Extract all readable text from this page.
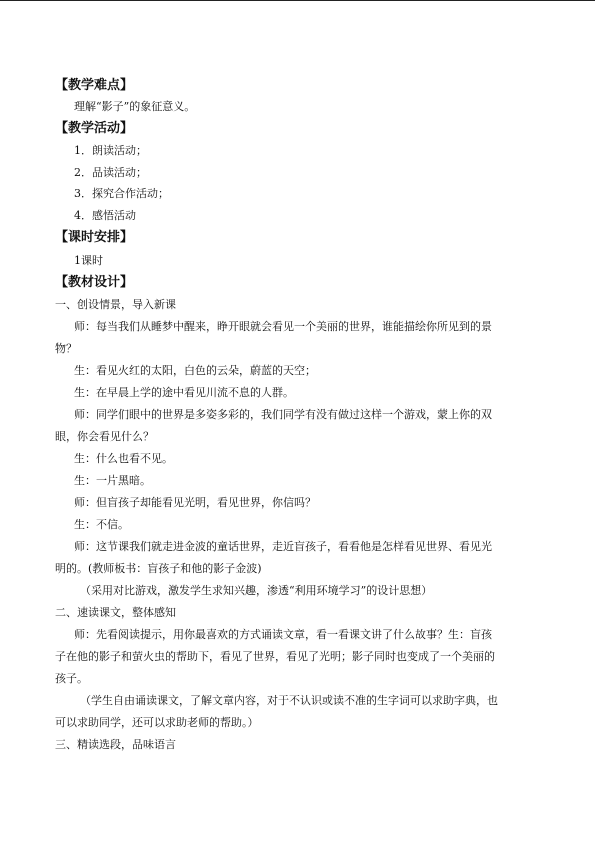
【教学难点】
理解“影子”的象征意义。
【教学活动】
1．朗读活动；
2．品读活动；
3．探究合作活动；
4．感悟活动
【课时安排】
1课时
【教材设计】
一、创设情景，导入新课
师：每当我们从睡梦中醒来，睁开眼就会看见一个美丽的世界，谁能描绘你所见到的景
物？
生：看见火红的太阳，白色的云朵，蔚蓝的天空；
生：在早晨上学的途中看见川流不息的人群。
师：同学们眼中的世界是多姿多彩的，我们同学有没有做过这样一个游戏，蒙上你的双
眼，你会看见什么？
生：什么也看不见。
生：一片黑暗。
师：但盲孩子却能看见光明，看见世界，你信吗？
生：不信。
师：这节课我们就走进金波的童话世界，走近盲孩子，看看他是怎样看见世界、看见光
明的。(教师板书：盲孩子和他的影子金波)
（采用对比游戏，激发学生求知兴趣，渗透“利用环境学习”的设计思想）
二、速读课文，整体感知
师：先看阅读提示，用你最喜欢的方式诵读文章，看一看课文讲了什么故事？生：盲孩
子在他的影子和萤火虫的帮助下，看见了世界，看见了光明；影子同时也变成了一个美丽的
孩子。
（学生自由诵读课文，了解文章内容，对于不认识或读不准的生字词可以求助字典，也
可以求助同学，还可以求助老师的帮助。）
三、精读选段，品味语言
